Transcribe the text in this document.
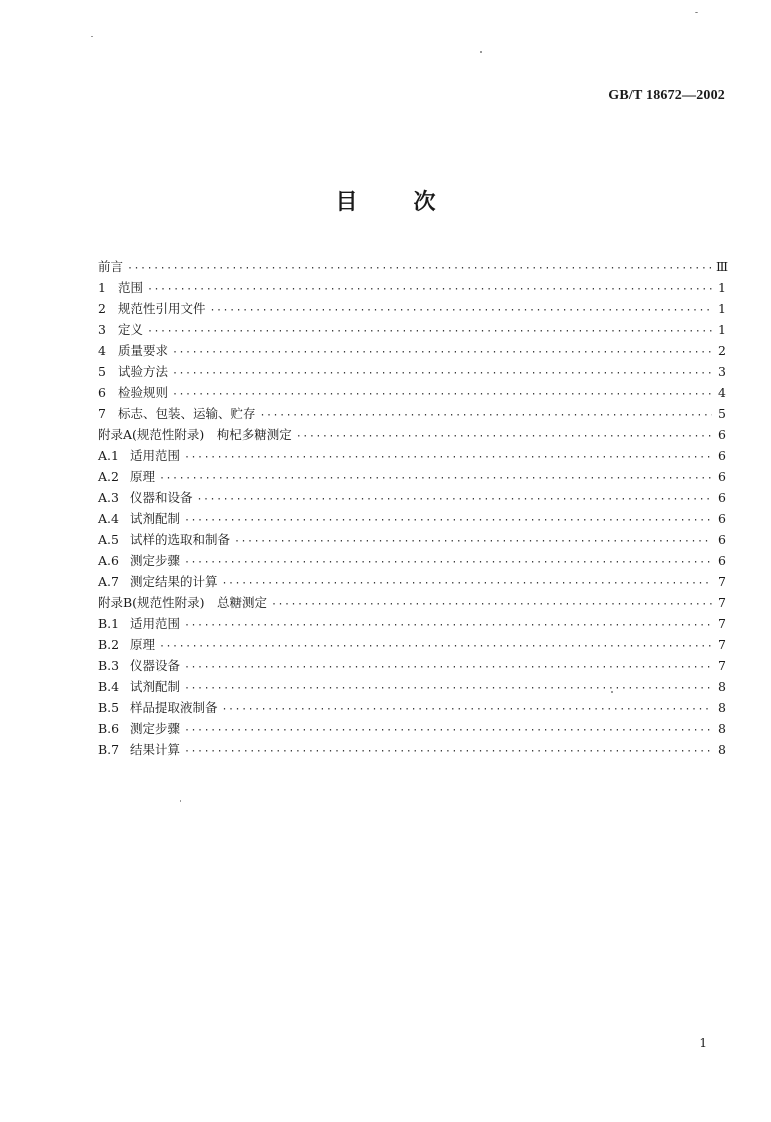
GB/T 18672—2002
目	次
前言 ·····	Ⅲ
1 范围 ·····	1
2 规范性引用文件 ·····	1
3 定义 ·····	1
4 质量要求 ·····	2
5 试验方法 ·····	3
6 检验规则 ·····	4
7 标志、包装、运输、贮存 ·····	5
附录A(规范性附录)　枸杞多糖测定 ·····	6
A.1 适用范围 ·····	6
A.2 原理 ·····	6
A.3 仪器和设备 ·····	6
A.4 试剂配制 ·····	6
A.5 试样的选取和制备 ·····	6
A.6 测定步骤 ·····	6
A.7 测定结果的计算 ·····	7
附录B(规范性附录)　总糖测定 ·····	7
B.1 适用范围 ·····	7
B.2 原理 ·····	7
B.3 仪器设备 ·····	7
B.4 试剂配制 ·····	8
B.5 样品提取液制备 ·····	8
B.6 测定步骤 ·····	8
B.7 结果计算 ·····	8
1
